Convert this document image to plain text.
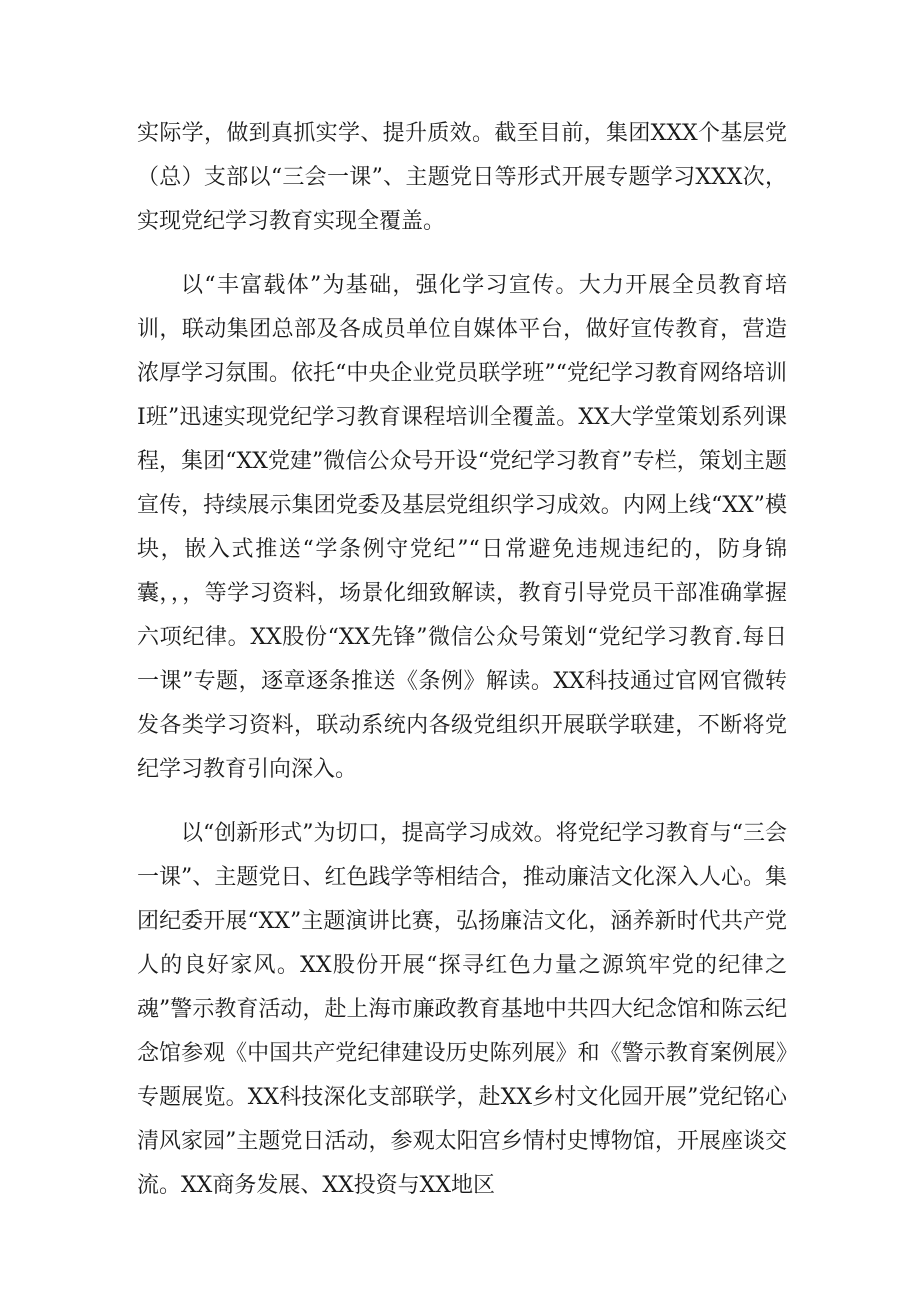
实际学，做到真抓实学、提升质效。截至目前，集团XXX个基层党（总）支部以“三会一课”、主题党日等形式开展专题学习XXX次，实现党纪学习教育实现全覆盖。

以“丰富载体”为基础，强化学习宣传。大力开展全员教育培训，联动集团总部及各成员单位自媒体平台，做好宣传教育，营造浓厚学习氛围。依托“中央企业党员联学班”“党纪学习教育网络培训I班”迅速实现党纪学习教育课程培训全覆盖。XX大学堂策划系列课程，集团“XX党建”微信公众号开设“党纪学习教育”专栏，策划主题宣传，持续展示集团党委及基层党组织学习成效。内网上线“XX”模块，嵌入式推送“学条例守党纪”“日常避免违规违纪的，防身锦囊，，，等学习资料，场景化细致解读，教育引导党员干部准确掌握六项纪律。XX股份“XX先锋”微信公众号策划“党纪学习教育.每日一课”专题，逐章逐条推送《条例》解读。XX科技通过官网官微转发各类学习资料，联动系统内各级党组织开展联学联建，不断将党纪学习教育引向深入。

以“创新形式”为切口，提高学习成效。将党纪学习教育与“三会一课”、主题党日、红色践学等相结合，推动廉洁文化深入人心。集团纪委开展“XX”主题演讲比赛，弘扬廉洁文化，涵养新时代共产党人的良好家风。XX股份开展“探寻红色力量之源筑牢党的纪律之魂”警示教育活动，赴上海市廉政教育基地中共四大纪念馆和陈云纪念馆参观《中国共产党纪律建设历史陈列展》和《警示教育案例展》专题展览。XX科技深化支部联学，赴XX乡村文化园开展”党纪铭心清风家园”主题党日活动，参观太阳宫乡情村史博物馆，开展座谈交流。XX商务发展、XX投资与XX地区
